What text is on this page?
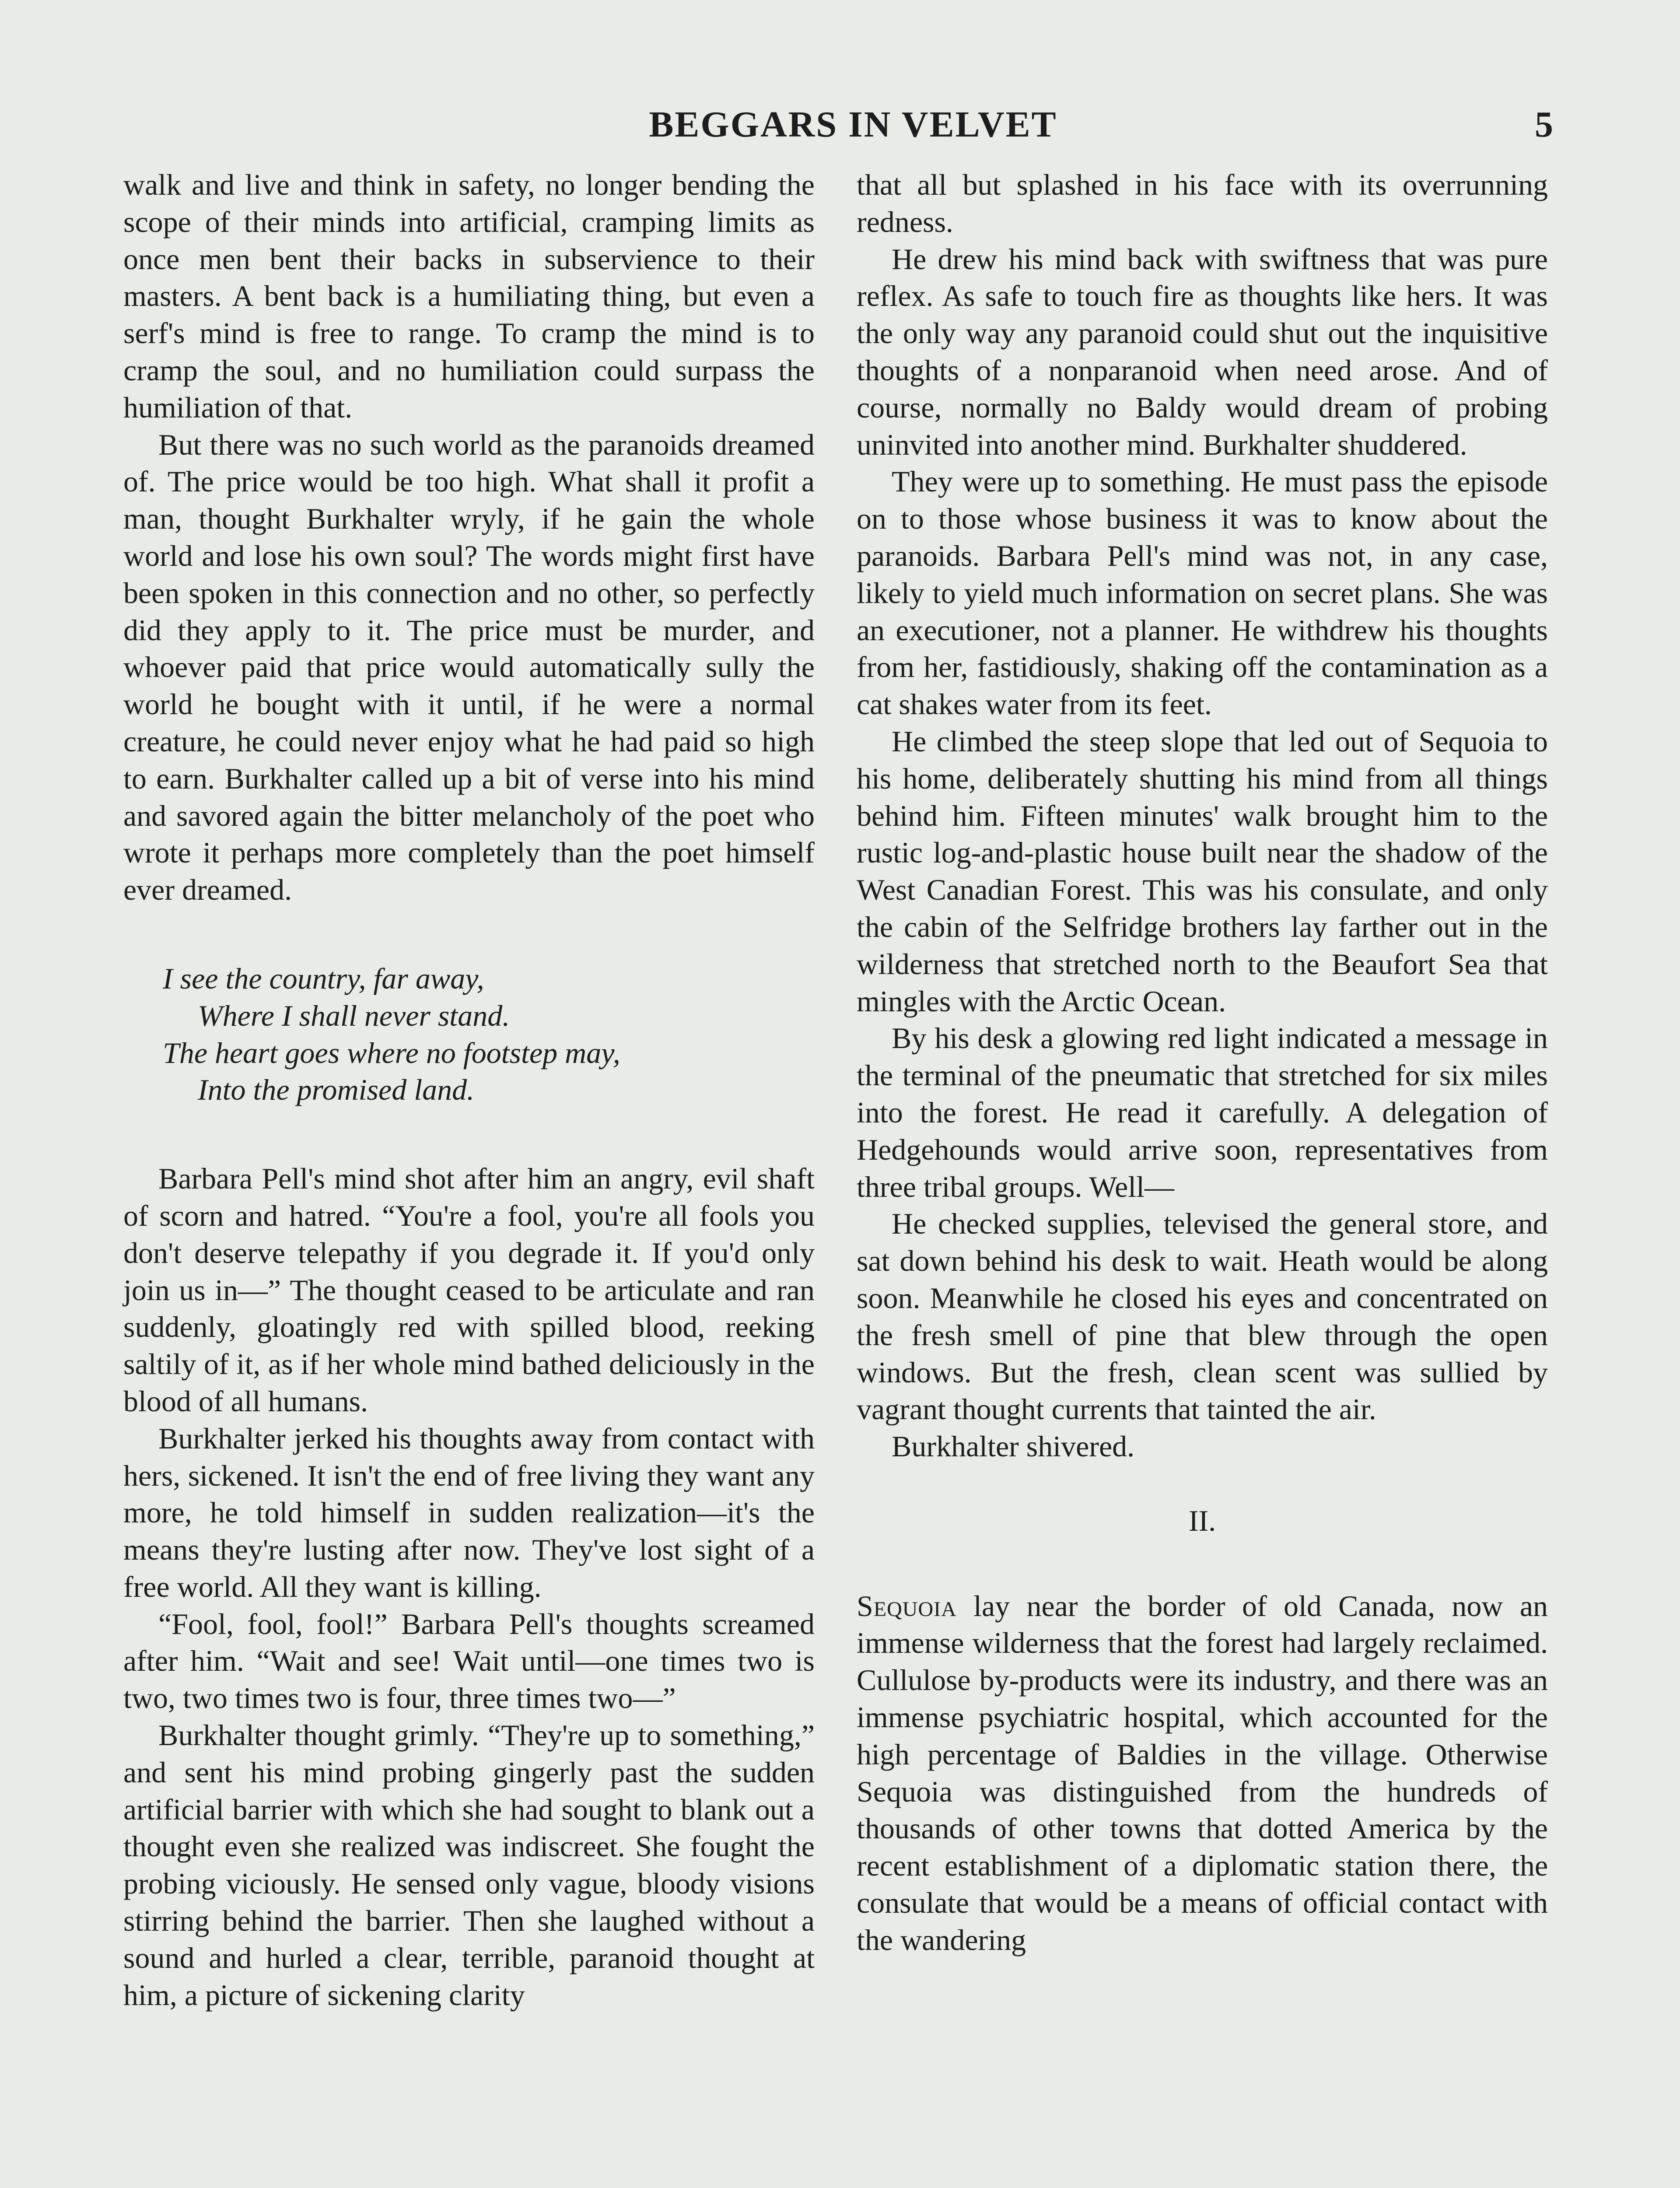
BEGGARS IN VELVET	5

walk and live and think in safety, no longer bending the scope of their minds into artificial, cramping limits as once men bent their backs in subservience to their masters. A bent back is a humiliating thing, but even a serf's mind is free to range. To cramp the mind is to cramp the soul, and no humiliation could surpass the humiliation of that.

But there was no such world as the paranoids dreamed of. The price would be too high. What shall it profit a man, thought Burkhalter wryly, if he gain the whole world and lose his own soul? The words might first have been spoken in this connection and no other, so perfectly did they apply to it. The price must be murder, and whoever paid that price would automatically sully the world he bought with it until, if he were a normal creature, he could never enjoy what he had paid so high to earn. Burkhalter called up a bit of verse into his mind and savored again the bitter melancholy of the poet who wrote it perhaps more completely than the poet himself ever dreamed.

I see the country, far away,
Where I shall never stand.
The heart goes where no footstep may,
Into the promised land.

Barbara Pell's mind shot after him an angry, evil shaft of scorn and hatred. “You're a fool, you're all fools you don't deserve telepathy if you degrade it. If you'd only join us in—” The thought ceased to be articulate and ran suddenly, gloatingly red with spilled blood, reeking saltily of it, as if her whole mind bathed deliciously in the blood of all humans.

Burkhalter jerked his thoughts away from contact with hers, sickened. It isn't the end of free living they want any more, he told himself in sudden realization—it's the means they're lusting after now. They've lost sight of a free world. All they want is killing.

“Fool, fool, fool!” Barbara Pell's thoughts screamed after him. “Wait and see! Wait until—one times two is two, two times two is four, three times two—”

Burkhalter thought grimly. “They're up to something,” and sent his mind probing gingerly past the sudden artificial barrier with which she had sought to blank out a thought even she realized was indiscreet. She fought the probing viciously. He sensed only vague, bloody visions stirring behind the barrier. Then she laughed without a sound and hurled a clear, terrible, paranoid thought at him, a picture of sickening clarity

that all but splashed in his face with its overrunning redness.

He drew his mind back with swiftness that was pure reflex. As safe to touch fire as thoughts like hers. It was the only way any paranoid could shut out the inquisitive thoughts of a nonparanoid when need arose. And of course, normally no Baldy would dream of probing uninvited into another mind. Burkhalter shuddered.

They were up to something. He must pass the episode on to those whose business it was to know about the paranoids. Barbara Pell's mind was not, in any case, likely to yield much information on secret plans. She was an executioner, not a planner. He withdrew his thoughts from her, fastidiously, shaking off the contamination as a cat shakes water from its feet.

He climbed the steep slope that led out of Sequoia to his home, deliberately shutting his mind from all things behind him. Fifteen minutes' walk brought him to the rustic log-and-plastic house built near the shadow of the West Canadian Forest. This was his consulate, and only the cabin of the Selfridge brothers lay farther out in the wilderness that stretched north to the Beaufort Sea that mingles with the Arctic Ocean.

By his desk a glowing red light indicated a message in the terminal of the pneumatic that stretched for six miles into the forest. He read it carefully. A delegation of Hedgehounds would arrive soon, representatives from three tribal groups. Well—

He checked supplies, televised the general store, and sat down behind his desk to wait. Heath would be along soon. Meanwhile he closed his eyes and concentrated on the fresh smell of pine that blew through the open windows. But the fresh, clean scent was sullied by vagrant thought currents that tainted the air.

Burkhalter shivered.

II.

Sequoia lay near the border of old Canada, now an immense wilderness that the forest had largely reclaimed. Cullulose by-products were its industry, and there was an immense psychiatric hospital, which accounted for the high percentage of Baldies in the village. Otherwise Sequoia was distinguished from the hundreds of thousands of other towns that dotted America by the recent establishment of a diplomatic station there, the consulate that would be a means of official contact with the wandering
